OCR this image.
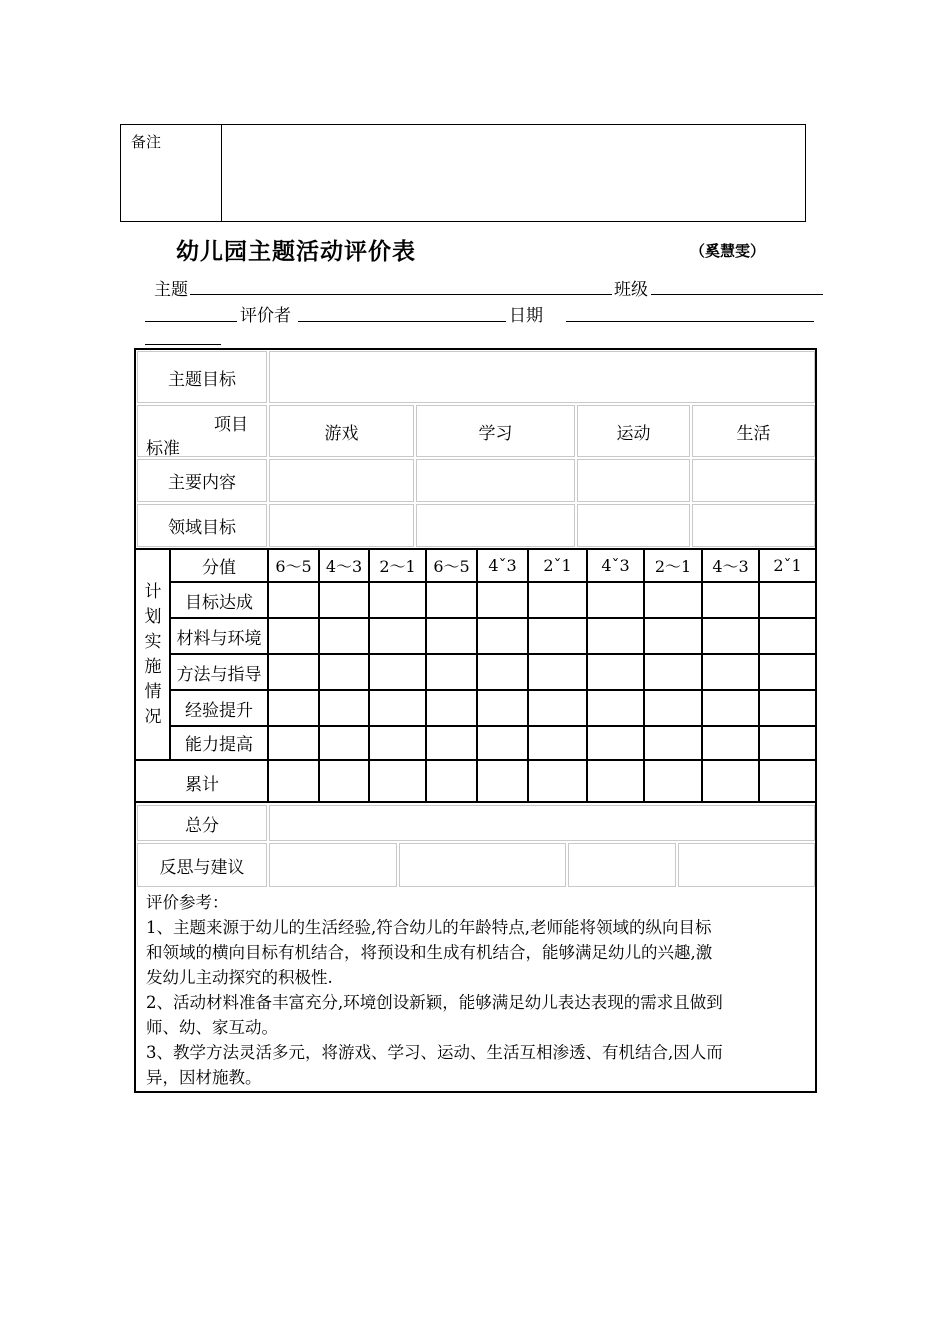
备注
幼儿园主题活动评价表	（奚慧雯）
主题	班级
评价者	日期
主题目标
项目
标准
游戏	学习	运动	生活
主要内容
领域目标
计
划
实
施
情
况
分值 6～5 4～3 2～1 6～5 4ˇ3 2ˇ1 4ˇ3 2～1 4～3 2ˇ1
目标达成
材料与环境
方法与指导
经验提升
能力提高
累计
总分
反思与建议
评价参考：
1、主题来源于幼儿的生活经验,符合幼儿的年龄特点,老师能将领域的纵向目标
和领域的横向目标有机结合，将预设和生成有机结合，能够满足幼儿的兴趣,激
发幼儿主动探究的积极性.
2、活动材料准备丰富充分,环境创设新颖，能够满足幼儿表达表现的需求且做到
师、幼、家互动。
3、教学方法灵活多元，将游戏、学习、运动、生活互相渗透、有机结合,因人而
异，因材施教。
